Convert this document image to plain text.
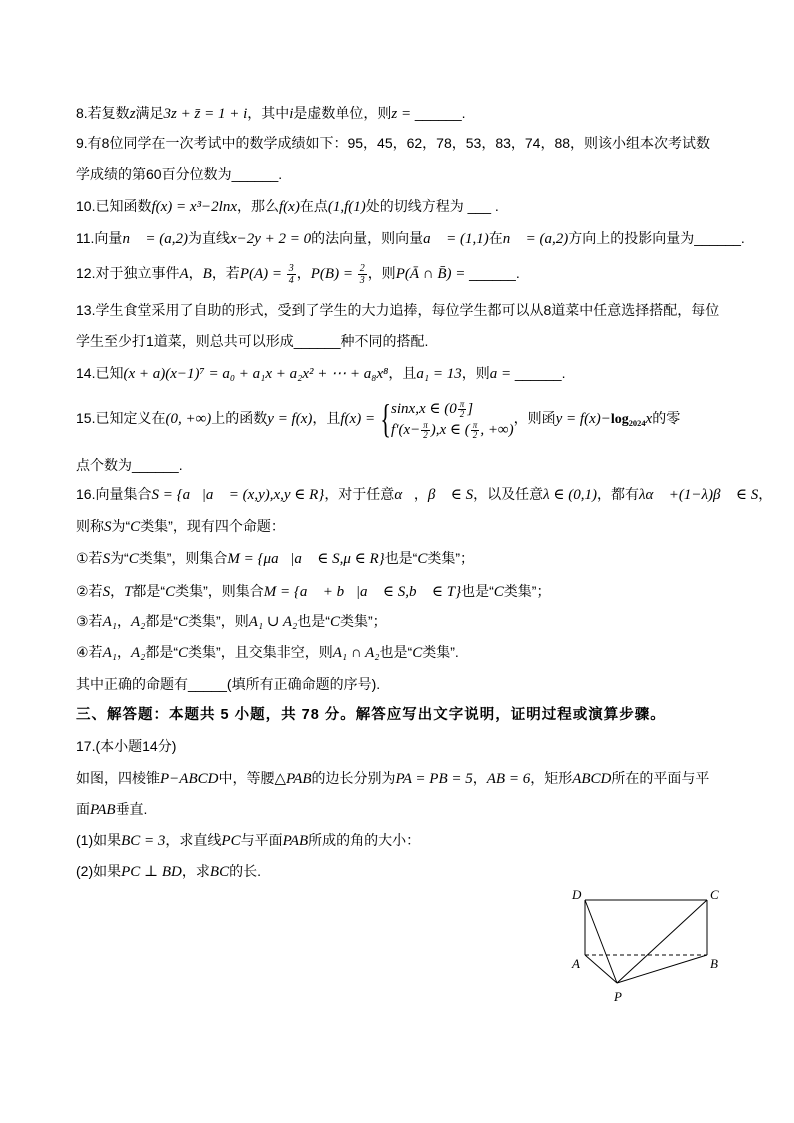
8.若复数z满足3z + z̄ = 1 + i，其中i是虚数单位，则z = ______.
9.有8位同学在一次考试中的数学成绩如下：95，45，62，78，53，83，74，88，则该小组本次考试数
学成绩的第60百分位数为______.
10.已知函数f(x) = x³−2lnx，那么f(x)在点(1,f(1)处的切线方程为 ___ .
11.向量n⃗ = (a,2)为直线x−2y + 2 = 0的法向量，则向量a⃗ = (1,1)在n⃗ = (a,2)方向上的投影向量为______.
12.对于独立事件A，B，若$P(A) = \frac{3}{4}$ ，$P(B) = \frac{2}{3}$ ，则P(Ā ∩ B̄) = ______.
13.学生食堂采用了自助的形式，受到了学生的大力追捧，每位学生都可以从8道菜中任意选择搭配，每位
学生至少打1道菜，则总共可以形成______种不同的搭配.
14.已知(x + a)(x−1)⁷ = a₀ + a₁x + a₂x² + ⋯ + a₈x⁸，且a₁ = 13，则a = ______.
15.已知定义在(0, +∞)上的函数y = f(x)，且f(x) = { sinx,x ∈ ($0 \frac{\pi}{2}$ ]
$f'(x- \frac{\pi}{2} ),x$ ∈ ( $\frac{\pi}{2}$ , +∞)
，则函y = f(x)−log₂₀₂₄x的零
点个数为______.
16.向量集合S = {a⃗|a⃗ = (x,y),x,y ∈ R}，对于任意α⃗，β⃗ ∈ S，以及任意λ ∈ (0,1)，都有λα⃗ +(1−λ)β⃗ ∈ S，
则称S为“C类集”，现有四个命题：
①若S为“C类集”，则集合M = {μa⃗|a⃗ ∈ S,μ ∈ R}也是“C类集”；
②若S，T都是“C类集”，则集合M = {a⃗ + b⃗|a⃗ ∈ S,b⃗ ∈ T}也是“C类集”；
③若A₁，A₂都是“C类集”，则A₁ ∪ A₂也是“C类集”；
④若A₁，A₂都是“C类集”，且交集非空，则A₁ ∩ A₂也是“C类集”.
其中正确的命题有_____(填所有正确命题的序号).
三、解答题：本题共 5 小题，共 78 分。解答应写出文字说明，证明过程或演算步骤。
17.(本小题14分)
如图，四棱锥P−ABCD中，等腰△PAB的边长分别为PA = PB = 5，AB = 6，矩形ABCD所在的平面与平
面PAB垂直.
(1)如果BC = 3，求直线PC与平面PAB所成的角的大小：
(2)如果PC ⊥ BD，求BC的长.
D	C
A	B
P
